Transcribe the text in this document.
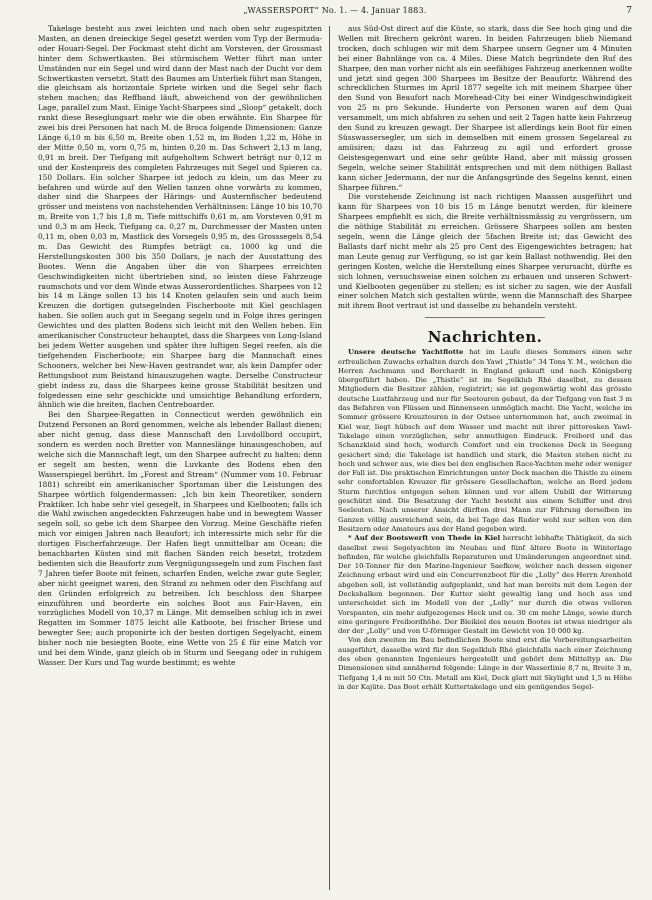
„WASSERSPORT“ No. 1. — 4. Januar 1883.	7

Takelage besteht aus zwei leichten und nach oben sehr zugespitzten Masten, an denen dreieckige Segel gesetzt werden vom Typ der Bermuda- oder Houari-Segel. Der Fockmast steht dicht am Vorsteven, der Grossmast hinter dem Schwertkasten. Bei stürmischem Wetter führt man unter Umständen nur ein Segel und wird dann der Mast nach der Ducht vor dem Schwertkasten versetzt. Statt des Baumes am Unterliek führt man Stangen, die gleichsam als horizontale Spriete wirken und die Segel sehr flach stehen machen; das Reffband läuft, abweichend von der gewöhnlichen Lage, parallel zum Mast. Einige Yacht-Sharpees sind „Sloop“ getakelt, doch rankt diese Beseglungsart mehr wie die oben erwähnte. Ein Sharpee für zwei bis drei Personen hat nach M. de Broca folgende Dimensionen: Ganze Länge 6,10 m bis 6,50 m, Breite oben 1,52 m, im Boden 1,22 m, Höhe in der Mitte 0,50 m, vorn 0,75 m, hinten 0,20 m. Das Schwert 2,13 m lang, 0,91 m breit. Der Tiefgang mit aufgeholtem Schwert beträgt nur 0,12 m und der Kostenpreis des completen Fahrzeuges mit Segel und Spieren ca. 150 Dollars. Ein solcher Sharpee ist jedoch zu klein, um das Meer zu befahren und würde auf den Wellen tanzen ohne vorwärts zu kommen, daher sind die Sharpees der Härings- und Austernfischer bedeutend grösser und meistens von nachstehenden Verhältnissen: Länge 10 bis 10,70 m, Breite von 1,7 bis 1,8 m, Tiefe mittschiffs 0,61 m, am Vorsteven 0,91 m und 0,3 m am Heck, Tiefgang ca. 0,27 m, Durchmesser der Masten unten 0,11 m, oben 0,03 m, Mastlick des Vorsegels 0,95 m, des Grosssegels 8,54 m. Das Gewicht des Rumpfes beträgt ca. 1000 kg und die Herstellungskosten 300 bis 350 Dollars, je nach der Ausstattung des Bootes. Wenn die Angaben über die von Sharpees erreichten Geschwindigkeiten nicht übertrieben sind, so leisten diese Fahrzeuge raumschots und vor dem Winde etwas Ausserordentliches. Sharpees von 12 bis 14 m Länge sollen 13 bis 14 Knoten gelaufen sein und auch beim Kreuzen die dortigen gutsegelnden Fischerboote mit Kiel geschlagen haben. Sie sollen auch gut in Seegang segeln und in Folge ihres geringen Gewichtes und des platten Bodens sich leicht mit den Wellen heben. Ein amerikanischer Constructeur behauptet, dass die Sharpees von Long-Island bei jedem Wetter ausgehen und später ihre luftigen Segel reefen, als die tiefgehenden Fischerboote; ein Sharpee barg die Mannschaft eines Schooners, welcher bei New-Haven gestrandet war, als kein Dampfer oder Rettungsboot zum Beistand hinauszugehen wagte. Derselbe Constructeur giebt indess zu, dass die Sharpees keine grosse Stabilität besitzen und folgedessen eine sehr geschickte und umsichtige Behandlung erfordern, ähnlich wie die breiten, flachen Centreboarder.

Bei den Sharpee-Regatten in Connecticut werden gewöhnlich ein Dutzend Personen an Bord genommen, welche als lebender Ballast dienen; aber nicht genug, dass diese Mannschaft den Luvdollbord occupirt, sondern es werden noch Bretter von Manneslänge hinausgeschoben, auf welche sich die Mannschaft legt, um den Sharpee aufrecht zu halten; denn er segelt am besten, wenn die Luvkante des Bodens eben den Wasserspiegel berührt. Im „Forest and Stream“ (Nummer vom 10. Februar 1881) schreibt ein amerikanischer Sportsman über die Leistungen des Sharpee wörtlich folgendermassen: „Ich bin kein Theoretiker, sondern Praktiker. Ich habe sehr viel gesegelt, in Sharpees und Kielbooten; falls ich die Wahl zwischen angedeckten Fahrzeugen habe und in bewegtem Wasser segeln soll, so gebe ich dem Sharpee den Vorzug. Meine Geschäfte riefen mich vor einigen Jahren nach Beaufort; ich interessirte mich sehr für die dortigen Fischerfahrzeuge. Der Hafen liegt unmittelbar am Ocean; die benachbarten Küsten sind mit flachen Sänden reich besetzt, trotzdem bedienten sich die Beaufortr zum Vergnügungssegeln und zum Fischen fast 7 Jahren tiefer Boote mit feinen, scharfen Enden, welche zwar gute Segler, aber nicht geeignet waren, den Strand zu nehmen oder den Fischfang auf den Gründen erfolgreich zu betreiben. Ich beschloss den Sharpee einzuführen und beorderte ein solches Boot aus Fair-Haven, ein vorzügliches Modell von 10,37 m Länge. Mit demselben schlug ich in zwei Regatten im Sommer 1875 leicht alle Katboote, bei frischer Briese und bewegter See; auch proponirte ich der besten dortigen Segelyacht, einem bisher noch nie besiegten Boote, eine Wette von 25 £ für eine Match vor und bei dem Winde, ganz gleich ob in Sturm und Seegang oder in ruhigem Wasser. Der Kurs und Tag wurde bestimmt; es wehte

aus Süd-Ost direct auf die Küste, so stark, dass die See hoch ging und die Wellen mit Brechern gekrönt waren. In beiden Fahrzeugen blieb Niemand trocken, doch schlugen wir mit dem Sharpee unsern Gegner um 4 Minuten bei einer Bahnlänge von ca. 4 Miles. Diese Match begründete den Ruf des Sharpee, den man vorher nicht als ein seefähiges Fahrzeug anerkennen wollte und jetzt sind gegen 300 Sharpees im Besitze der Beaufortr. Während des schrecklichen Sturmes im April 1877 segelte ich mit meinem Sharpee über den Sund von Beaufort nach Morehead-City bei einer Windgeschwindigkeit von 25 m pro Sekunde. Hunderte von Personen waren auf dem Quai versammelt, um mich abfahren zu sehen und seit 2 Tagen hatte kein Fahrzeug den Sund zu kreuzen gewagt. Der Sharpee ist allerdings kein Boot für einen Süsswassersegler, um sich in demselben mit einem grossen Segelareal zu amüsiren; dazu ist das Fahrzeug zu agil und erfordert grosse Geistesgegenwart und eine sehr geübte Hand, aber mit mässig grossen Segeln, welche seiner Stabilität entsprechen und mit dem nöthigen Ballast kann sicher Jedermann, der nur die Anfangsgründe des Segelns kennt, einen Sharpee führen.“

Die vorstehende Zeichnung ist nach richtigen Maassen ausgeführt und kann für Sharpees von 10 bis 15 m Länge benutzt werden, für kleinere Sharpees empfiehlt es sich, die Breite verhältnissmässig zu vergrössern, um die nöthige Stabilität zu erreichen. Grössere Sharpees sollen am besten segeln, wenn die Länge gleich der 5fachen Breite ist; das Gewicht des Ballasts darf nicht mehr als 25 pro Cent des Eigengewichtes betragen; hat man Leute genug zur Verfügung, so ist gar kein Ballast nothwendig. Bei den geringen Kosten, welche die Herstellung eines Sharpee verursacht, dürfte es sich lohnen, versuchsweise einen solchen zu erbauen und unseren Schwert- und Kielbooten gegenüber zu stellen; es ist sicher zu sagen, wie der Ausfall einer solchen Match sich gestalten würde, wenn die Mannschaft des Sharpee mit ihrem Boot vertraut ist und dasselbe zu behandeln versteht.

Nachrichten.

Unsere deutsche Yachtflotte hat im Laufe dieses Sommers einen sehr erfreulichen Zuwachs erhalten durch den Yawl „Thistle“ 34 Tons Y. M., welchen die Herren Aschmann und Borchardt in England gekauft und nach Königsberg übergeführt haben. Die „Thistle“ ist im Segelklub Rhé daselbst, zu dessen Mitgliedern die Besitzer zählen, registrirt; sie ist gegenwärtig wohl das grösste deutsche Lustfahrzeug und nur für Seetouren gebaut, da der Tiefgang von fast 3 m das Befahren von Flüssen und Binnenseen unmöglich macht. Die Yacht, welche im Sommer grössere Kreuztouren in der Ostsee unternommen hat, auch zweimal in Kiel war, liegt hübsch auf dem Wasser und macht mit ihrer pittoresken Yawl-Takelage einen vorzüglichen, sehr anmuthigen Eindruck. Freibord und das Schanzkleid sind hoch, wodurch Comfort und ein trockenes Deck in Seegang gesichert sind; die Takelage ist handlich und stark, die Masten stehen nicht zu hoch und schwer aus, wie dies bei den englischen Race-Yachten mehr oder weniger der Fall ist. Die praktischen Einrichtungen unter Deck machen die Thistle zu einem sehr comfortablen Kreuzer für grössere Gesellschaften, welche an Bord jedem Sturm furchtlos entgegen sehen können und vor allem Unbill der Witterung geschützt sind. Die Besatzung der Yacht besteht aus einem Schiffer und drei Seeleuten. Nach unserer Ansicht dürften drei Mann zur Führung derselben im Ganzen völlig ausreichend sein, da bei Tage das Ruder wohl nur selten von den Besitzern oder Amateurs aus der Hand gegeben wird.

* Auf der Bootswerft von Thede in Kiel herrscht lebhafte Thätigkeit, da sich daselbst zwei Segelyachten im Neubau und fünf ältere Boote in Winterlage befinden, für welche gleichfalls Reparaturen und Umänderungen angeordnet sind. Der 10-Tonner für den Marine-Ingenieur Saefkow, welcher nach dessen eigener Zeichnung erbaut wird und ein Concurrenzboot für die „Lolly“ des Herrn Arenhold abgeben soll, ist vollständig aufgeplankt, und hat man bereits mit dem Legen der Decksbalken begonnen. Der Kutter sieht gewaltig lang und hoch aus und unterscheidet sich im Modell von der „Lolly“ nur durch die etwas volleren Vorspanten, ein mehr aufgezogenes Heck und ca. 30 cm mehr Länge, sowie durch eine geringere Freibordhöhe. Der Bleikiel des neuen Bootes ist etwas niedriger als der der „Lolly“ und von U-förmiger Gestalt im Gewicht von 10 000 kg.

Von den zweiten im Bau befindlichen Boote sind erst die Vorbereitungsarbeiten ausgeführt, dasselbe wird für den Segelklub Rhé gleichfalls nach einer Zeichnung des oben genannten Ingenieurs hergestellt und gehört dem Mitteltyp an. Die Dimensionen sind annähernd folgende: Länge in der Wasserlinie 8,7 m, Breite 3 m, Tiefgang 1,4 m mit 50 Ctn. Metall am Kiel, Deck glatt mit Skylight und 1,5 m Höhe in der Kajüte. Das Boot erhält Kuttertakelage und ein genügendes Segel-
